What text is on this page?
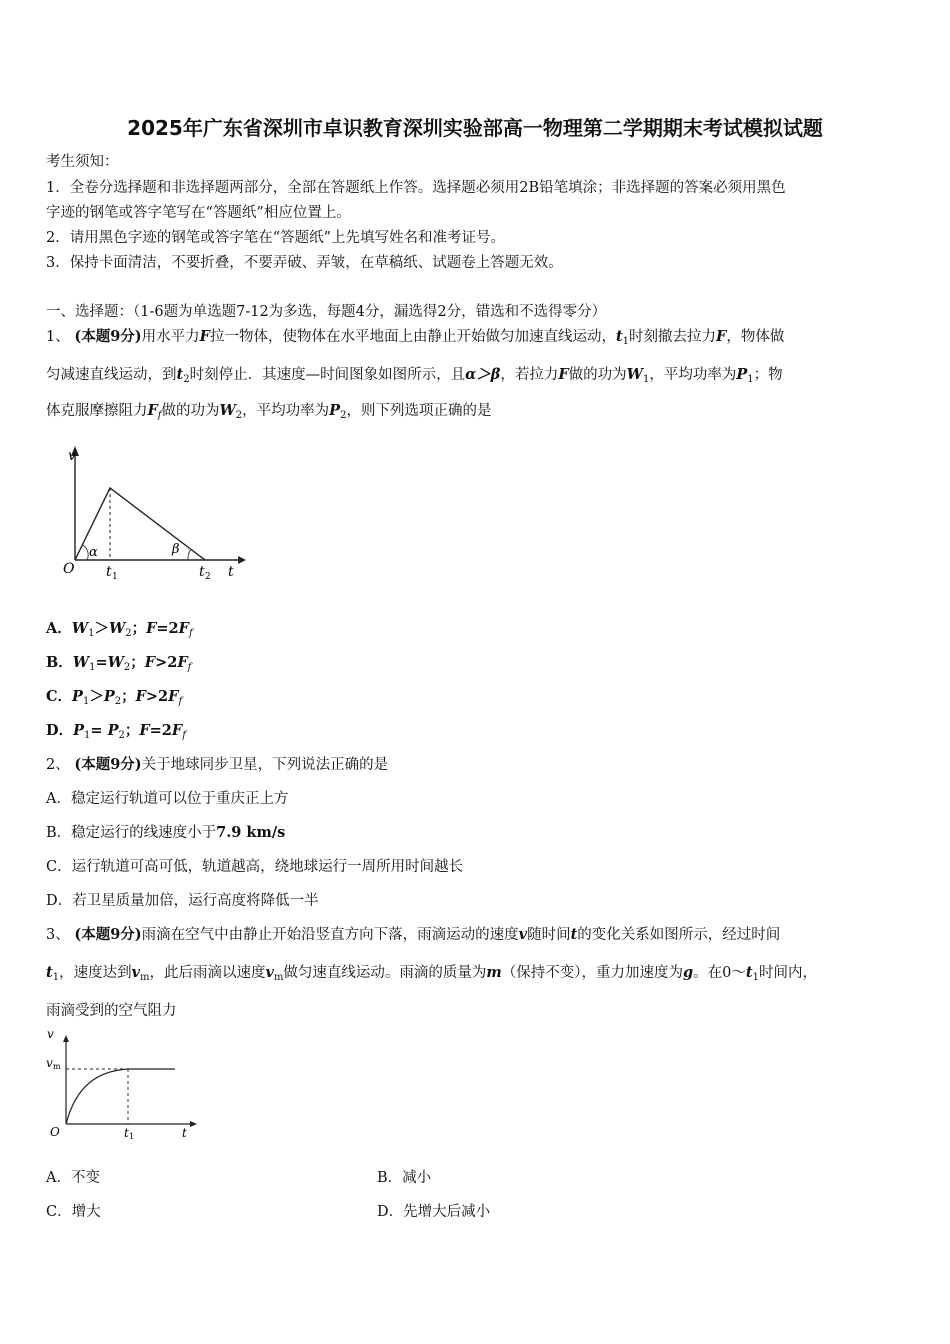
2025年广东省深圳市卓识教育深圳实验部高一物理第二学期期末考试模拟试题
考生须知：
1．全卷分选择题和非选择题两部分，全部在答题纸上作答。选择题必须用2B铅笔填涂；非选择题的答案必须用黑色
字迹的钢笔或答字笔写在“答题纸”相应位置上。
2．请用黑色字迹的钢笔或答字笔在“答题纸”上先填写姓名和准考证号。
3．保持卡面清洁，不要折叠，不要弄破、弄皱，在草稿纸、试题卷上答题无效。
一、选择题：（1-6题为单选题7-12为多选，每题4分，漏选得2分，错选和不选得零分）
1、 (本题9分)用水平力F拉一物体，使物体在水平地面上由静止开始做匀加速直线运动，$t_1$时刻撤去拉力F，物体做
匀减速直线运动，到$t_2$时刻停止．其速度—时间图象如图所示，且α＞β，若拉力F做的功为$W_1$，平均功率为$P_1$；物
体克服摩擦阻力$F_f$做的功为$W_2$，平均功率为$P_2$，则下列选项正确的是
v
O
α	β
t 1	t 2 t
A．$W_1>W_2$；$F=2F_f$
B．$W_1=W_2$；$F>2F_f$
C．$P_1>P_2$；$F>2F_f$
D．$P_1= P_2$；$F=2F_f$
2、 (本题9分)关于地球同步卫星，下列说法正确的是
A．稳定运行轨道可以位于重庆正上方
B．稳定运行的线速度小于7.9 km/s
C．运行轨道可高可低，轨道越高，绕地球运行一周所用时间越长
D．若卫星质量加倍，运行高度将降低一半
3、 (本题9分)雨滴在空气中由静止开始沿竖直方向下落，雨滴运动的速度v随时间t的变化关系如图所示，经过时间
$t_1$，速度达到$v_m$，此后雨滴以速度$v_m$做匀速直线运动。雨滴的质量为m（保持不变），重力加速度为g。在$0\sim t_1$时间内，
雨滴受到的空气阻力
v
v m
O	t 1	t
A．不变	B．减小
C．增大	D．先增大后减小
